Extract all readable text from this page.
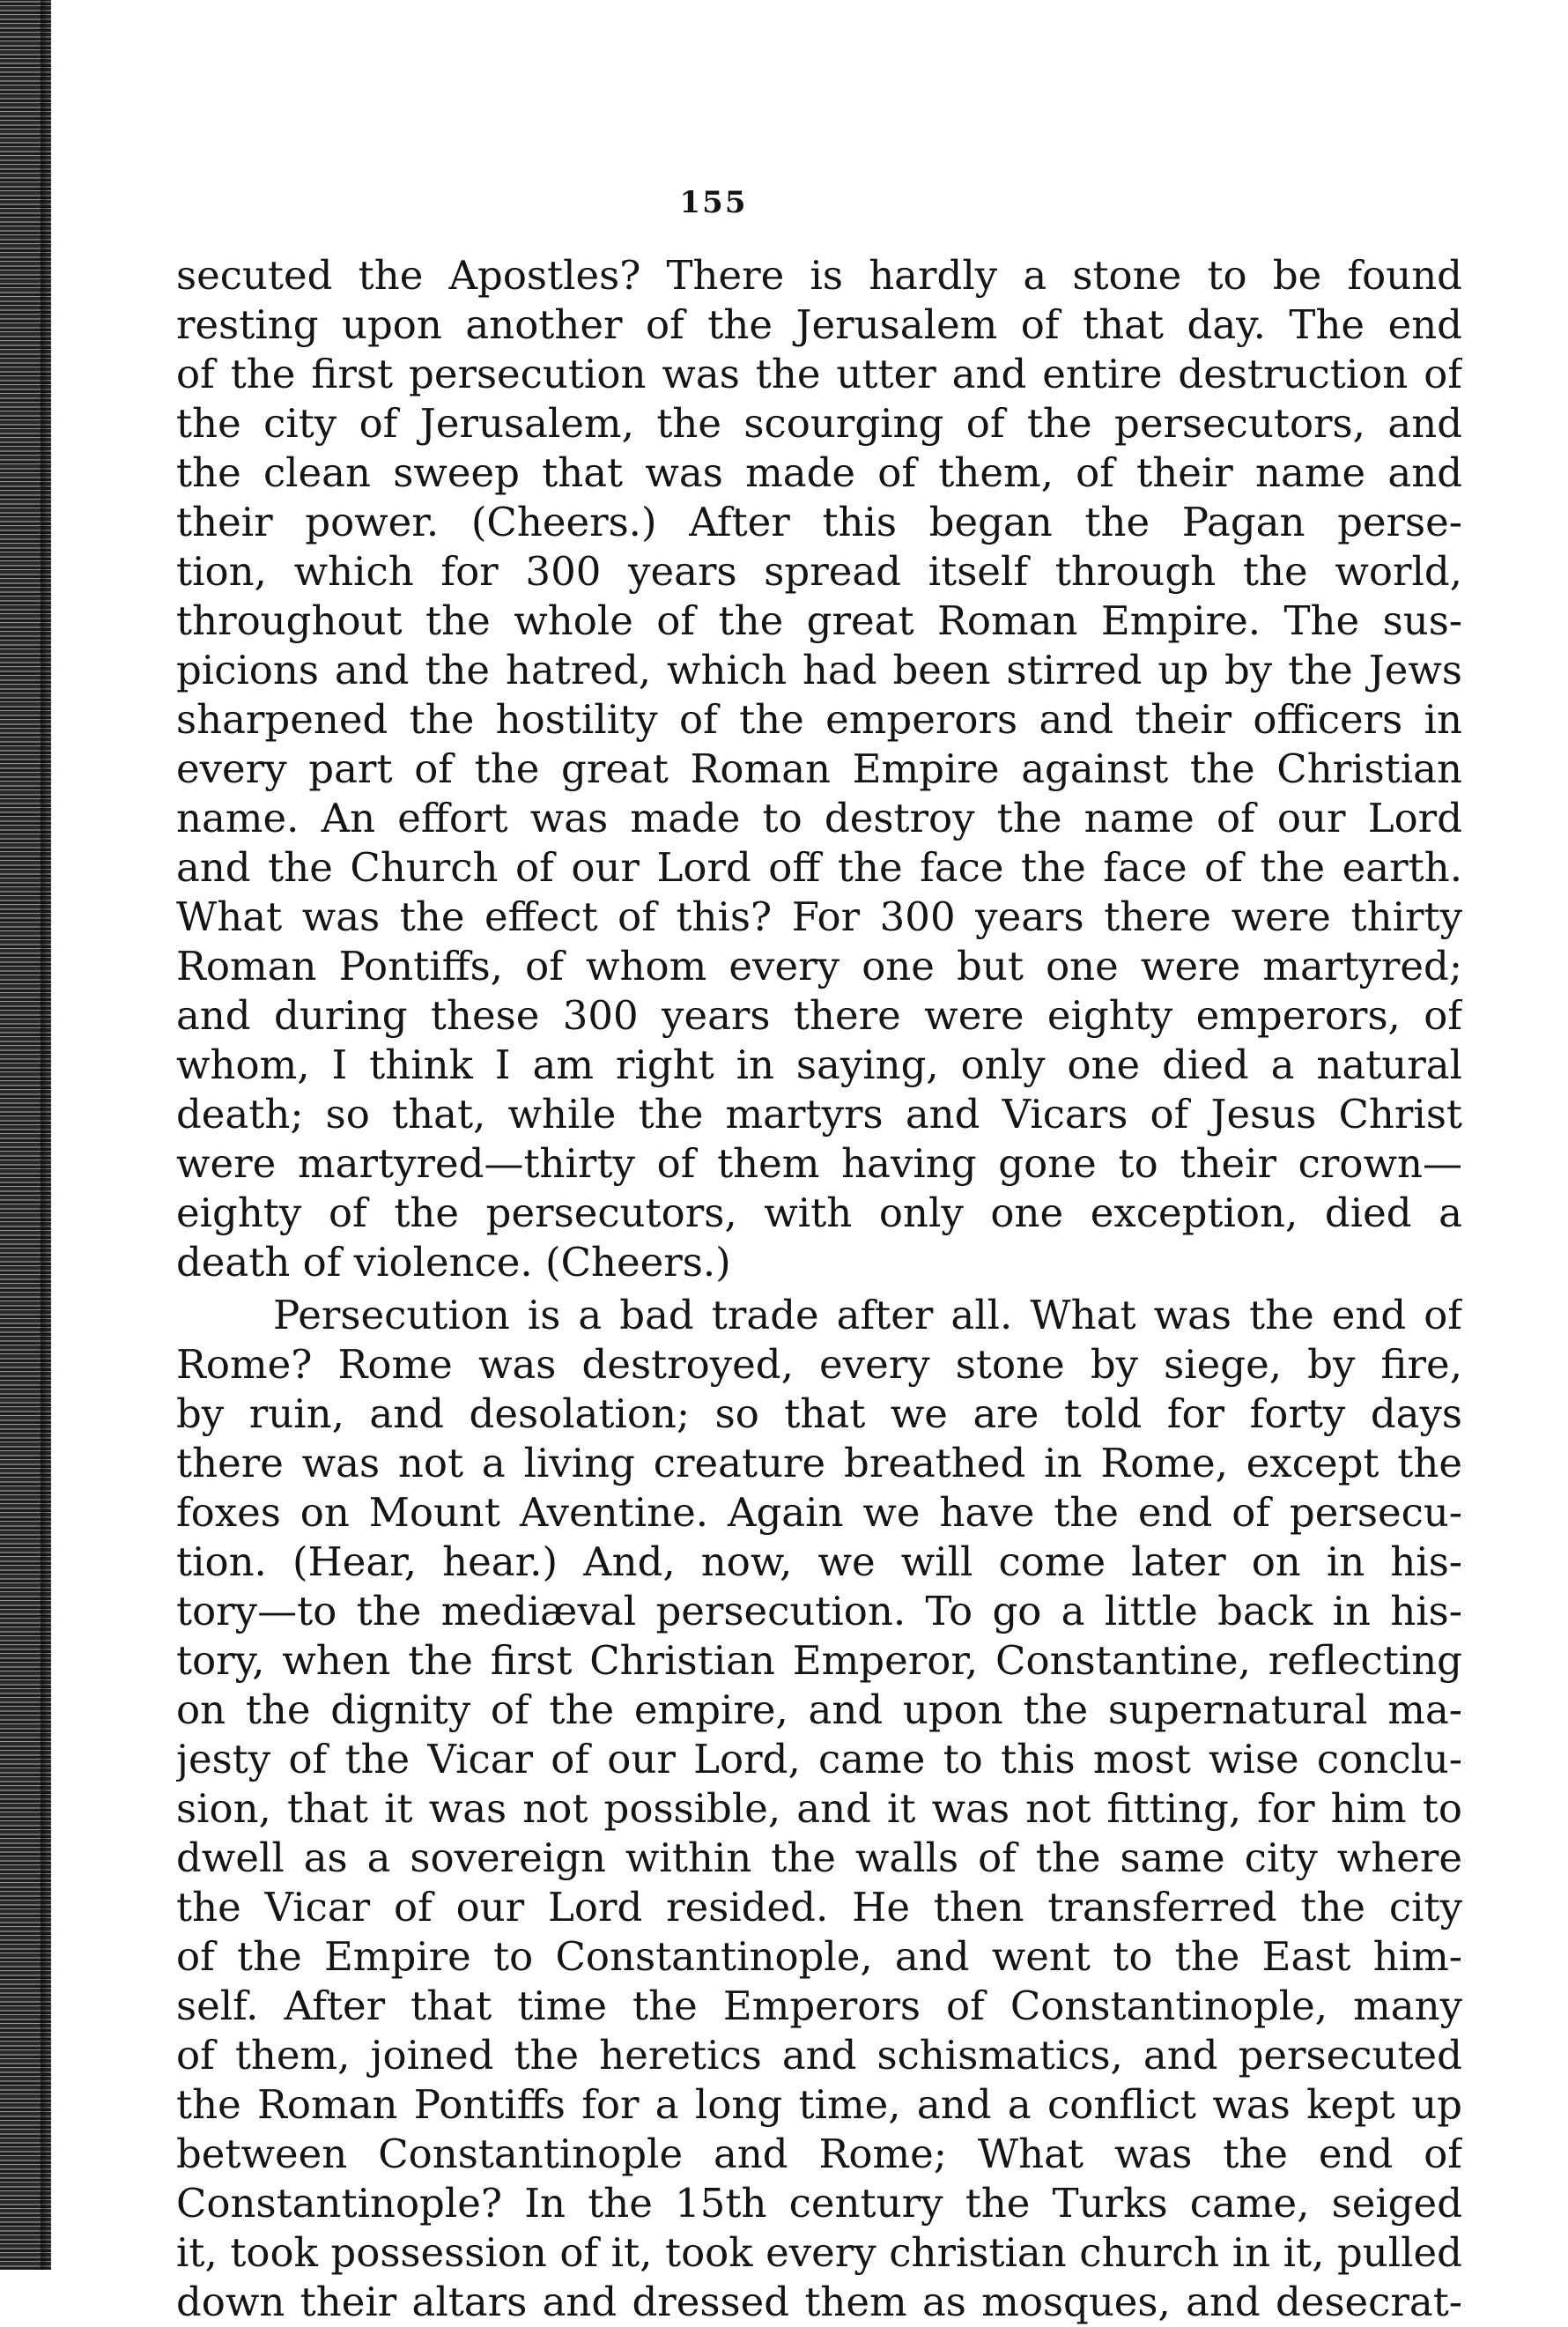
155
secuted the Apostles? There is hardly a stone to be found
resting upon another of the Jerusalem of that day. The end
of the first persecution was the utter and entire destruction of
the city of Jerusalem, the scourging of the persecutors, and
the clean sweep that was made of them, of their name and
their power. (Cheers.) After this began the Pagan perse-
tion, which for 300 years spread itself through the world,
throughout the whole of the great Roman Empire. The sus-
picions and the hatred, which had been stirred up by the Jews
sharpened the hostility of the emperors and their officers in
every part of the great Roman Empire against the Christian
name. An effort was made to destroy the name of our Lord
and the Church of our Lord off the face the face of the earth.
What was the effect of this? For 300 years there were thirty
Roman Pontiffs, of whom every one but one were martyred;
and during these 300 years there were eighty emperors, of
whom, I think I am right in saying, only one died a natural
death; so that, while the martyrs and Vicars of Jesus Christ
were martyred—thirty of them having gone to their crown—
eighty of the persecutors, with only one exception, died a
death of violence. (Cheers.)
Persecution is a bad trade after all. What was the end of
Rome? Rome was destroyed, every stone by siege, by fire,
by ruin, and desolation; so that we are told for forty days
there was not a living creature breathed in Rome, except the
foxes on Mount Aventine. Again we have the end of persecu-
tion. (Hear, hear.) And, now, we will come later on in his-
tory—to the mediæval persecution. To go a little back in his-
tory, when the first Christian Emperor, Constantine, reflecting
on the dignity of the empire, and upon the supernatural ma-
jesty of the Vicar of our Lord, came to this most wise conclu-
sion, that it was not possible, and it was not fitting, for him to
dwell as a sovereign within the walls of the same city where
the Vicar of our Lord resided. He then transferred the city
of the Empire to Constantinople, and went to the East him-
self. After that time the Emperors of Constantinople, many
of them, joined the heretics and schismatics, and persecuted
the Roman Pontiffs for a long time, and a conflict was kept up
between Constantinople and Rome; What was the end of
Constantinople? In the 15th century the Turks came, seiged
it, took possession of it, took every christian church in it, pulled
down their altars and dressed them as mosques, and desecrat-
